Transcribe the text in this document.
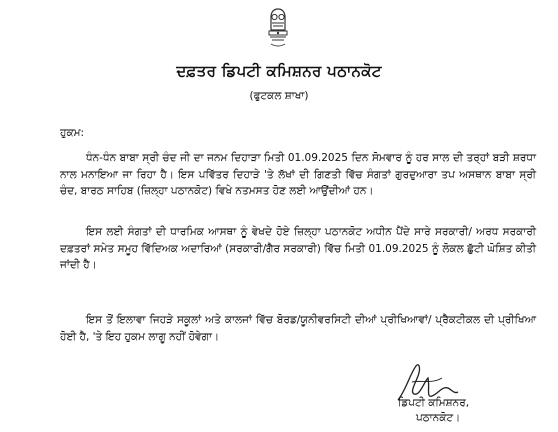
ਦਫ਼ਤਰ ਡਿਪਟੀ ਕਮਿਸ਼ਨਰ ਪਠਾਨਕੋਟ
(ਫੁਟਕਲ ਸ਼ਾਖਾ)
ਹੁਕਮ:

ਧੰਨ-ਧੰਨ ਬਾਬਾ ਸ੍ਰੀ ਚੰਦ ਜੀ ਦਾ ਜਨਮ ਦਿਹਾੜਾ ਮਿਤੀ 01.09.2025 ਦਿਨ ਸੋਮਵਾਰ ਨੂੰ ਹਰ ਸਾਲ ਦੀ ਤਰ੍ਹਾਂ ਬੜੀ ਸ਼ਰਧਾ ਨਾਲ ਮਨਾਇਆ ਜਾ ਰਿਹਾ ਹੈ। ਇਸ ਪਵਿੱਤਰ ਦਿਹਾੜੇ 'ਤੇ ਲੱਖਾਂ ਦੀ ਗਿਣਤੀ ਵਿੱਚ ਸੰਗਤਾਂ ਗੁਰਦੁਆਰਾ ਤਪ ਅਸਥਾਨ ਬਾਬਾ ਸ੍ਰੀ ਚੰਦ, ਬਾਰਠ ਸਾਹਿਬ (ਜ਼ਿਲ੍ਹਾ ਪਠਾਨਕੋਟ) ਵਿਖੇ ਨਤਮਸਤ ਹੋਣ ਲਈ ਆਉਂਦੀਆਂ ਹਨ।

ਇਸ ਲਈ ਸੰਗਤਾਂ ਦੀ ਧਾਰਮਿਕ ਆਸਥਾ ਨੂੰ ਵੇਖਦੇ ਹੋਏ ਜ਼ਿਲ੍ਹਾ ਪਠਾਨਕੋਟ ਅਧੀਨ ਪੈਂਦੇ ਸਾਰੇ ਸਰਕਾਰੀ/ ਅਰਧ ਸਰਕਾਰੀ ਦਫ਼ਤਰਾਂ ਸਮੇਤ ਸਮੂਹ ਵਿੱਦਿਅਕ ਅਦਾਰਿਆਂ (ਸਰਕਾਰੀ/ਗੈਰ ਸਰਕਾਰੀ) ਵਿੱਚ ਮਿਤੀ 01.09.2025 ਨੂੰ ਲੋਕਲ ਛੁੱਟੀ ਘੋਸ਼ਿਤ ਕੀਤੀ ਜਾਂਦੀ ਹੈ।

ਇਸ ਤੋਂ ਇਲਾਵਾ ਜਿਹੜੇ ਸਕੂਲਾਂ ਅਤੇ ਕਾਲਜਾਂ ਵਿੱਚ ਬੋਰਡ/ਯੂਨੀਵਰਸਿਟੀ ਦੀਆਂ ਪ੍ਰੀਖਿਆਵਾਂ/ ਪ੍ਰੈਕਟੀਕਲ ਦੀ ਪ੍ਰੀਖਿਆ ਹੋਈ ਹੈ, 'ਤੇ ਇਹ ਹੁਕਮ ਲਾਗੂ ਨਹੀਂ ਹੋਵੇਗਾ।

ਡਿਪਟੀ ਕਮਿਸ਼ਨਰ,
ਪਠਾਨਕੋਟ।
